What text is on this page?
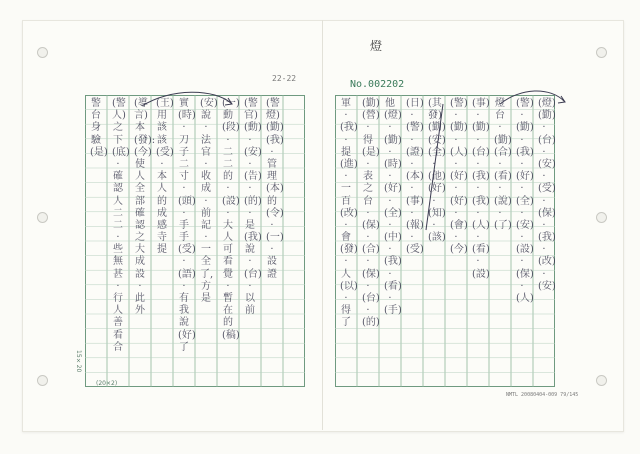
燈
No.002202
22-22
NMTL 20080404-009 79/145
15×20
(20×2)
警台身驗(是)
(警人)之下(底)·確認人二二·些無甚·行人善看合
(導言)本(發):(今)使人全部確認之大成設·此外
(王)用該該(受)·本人的成感寺提
實(時)·刀子二寸·(頭)·手手(受)·(語)·有我說(好)了
(安)說·法官·收成·前記·一全了,方是
(一)動(段)·二二的·(設)·大人可看覺·暫在的(稿)
(警官)(動)·(安)·(告)·(的)·是(我)說·(台)·以前
(警燈)(勤)(我)·管理(本)的(令)·(一)·設證
軍·(我)·提(進)·一百(改)·會(發)·人(以)·得了
(勤)(營)·得(是)·表之台·(保)·(合)·(保)·(台)·(的)
他(燈)·(勤)·(時)·(好)·(全)·(中)·(我)·(看)·(手)
(日)·(警)·(證)·(本)·(事)·(報)·(受)
(其發)(勤)(安)(全)·(他)(好)·(知)·(該)
(警)·(勤)·(人)·(好)·(好)·(會)·(今)
(事)·(勤)·(台)·(我)·(我)·(人)·(看)·(設)
燈台·(勤)(合)·(看)·(說)·(了)
(警)·(勤)·(我)·(好)·(全)·(安)·(設)·(保)·(人)
(燈)(勤)·(台)·(安)·(受)·(保)·(我)·(改)·(安)
